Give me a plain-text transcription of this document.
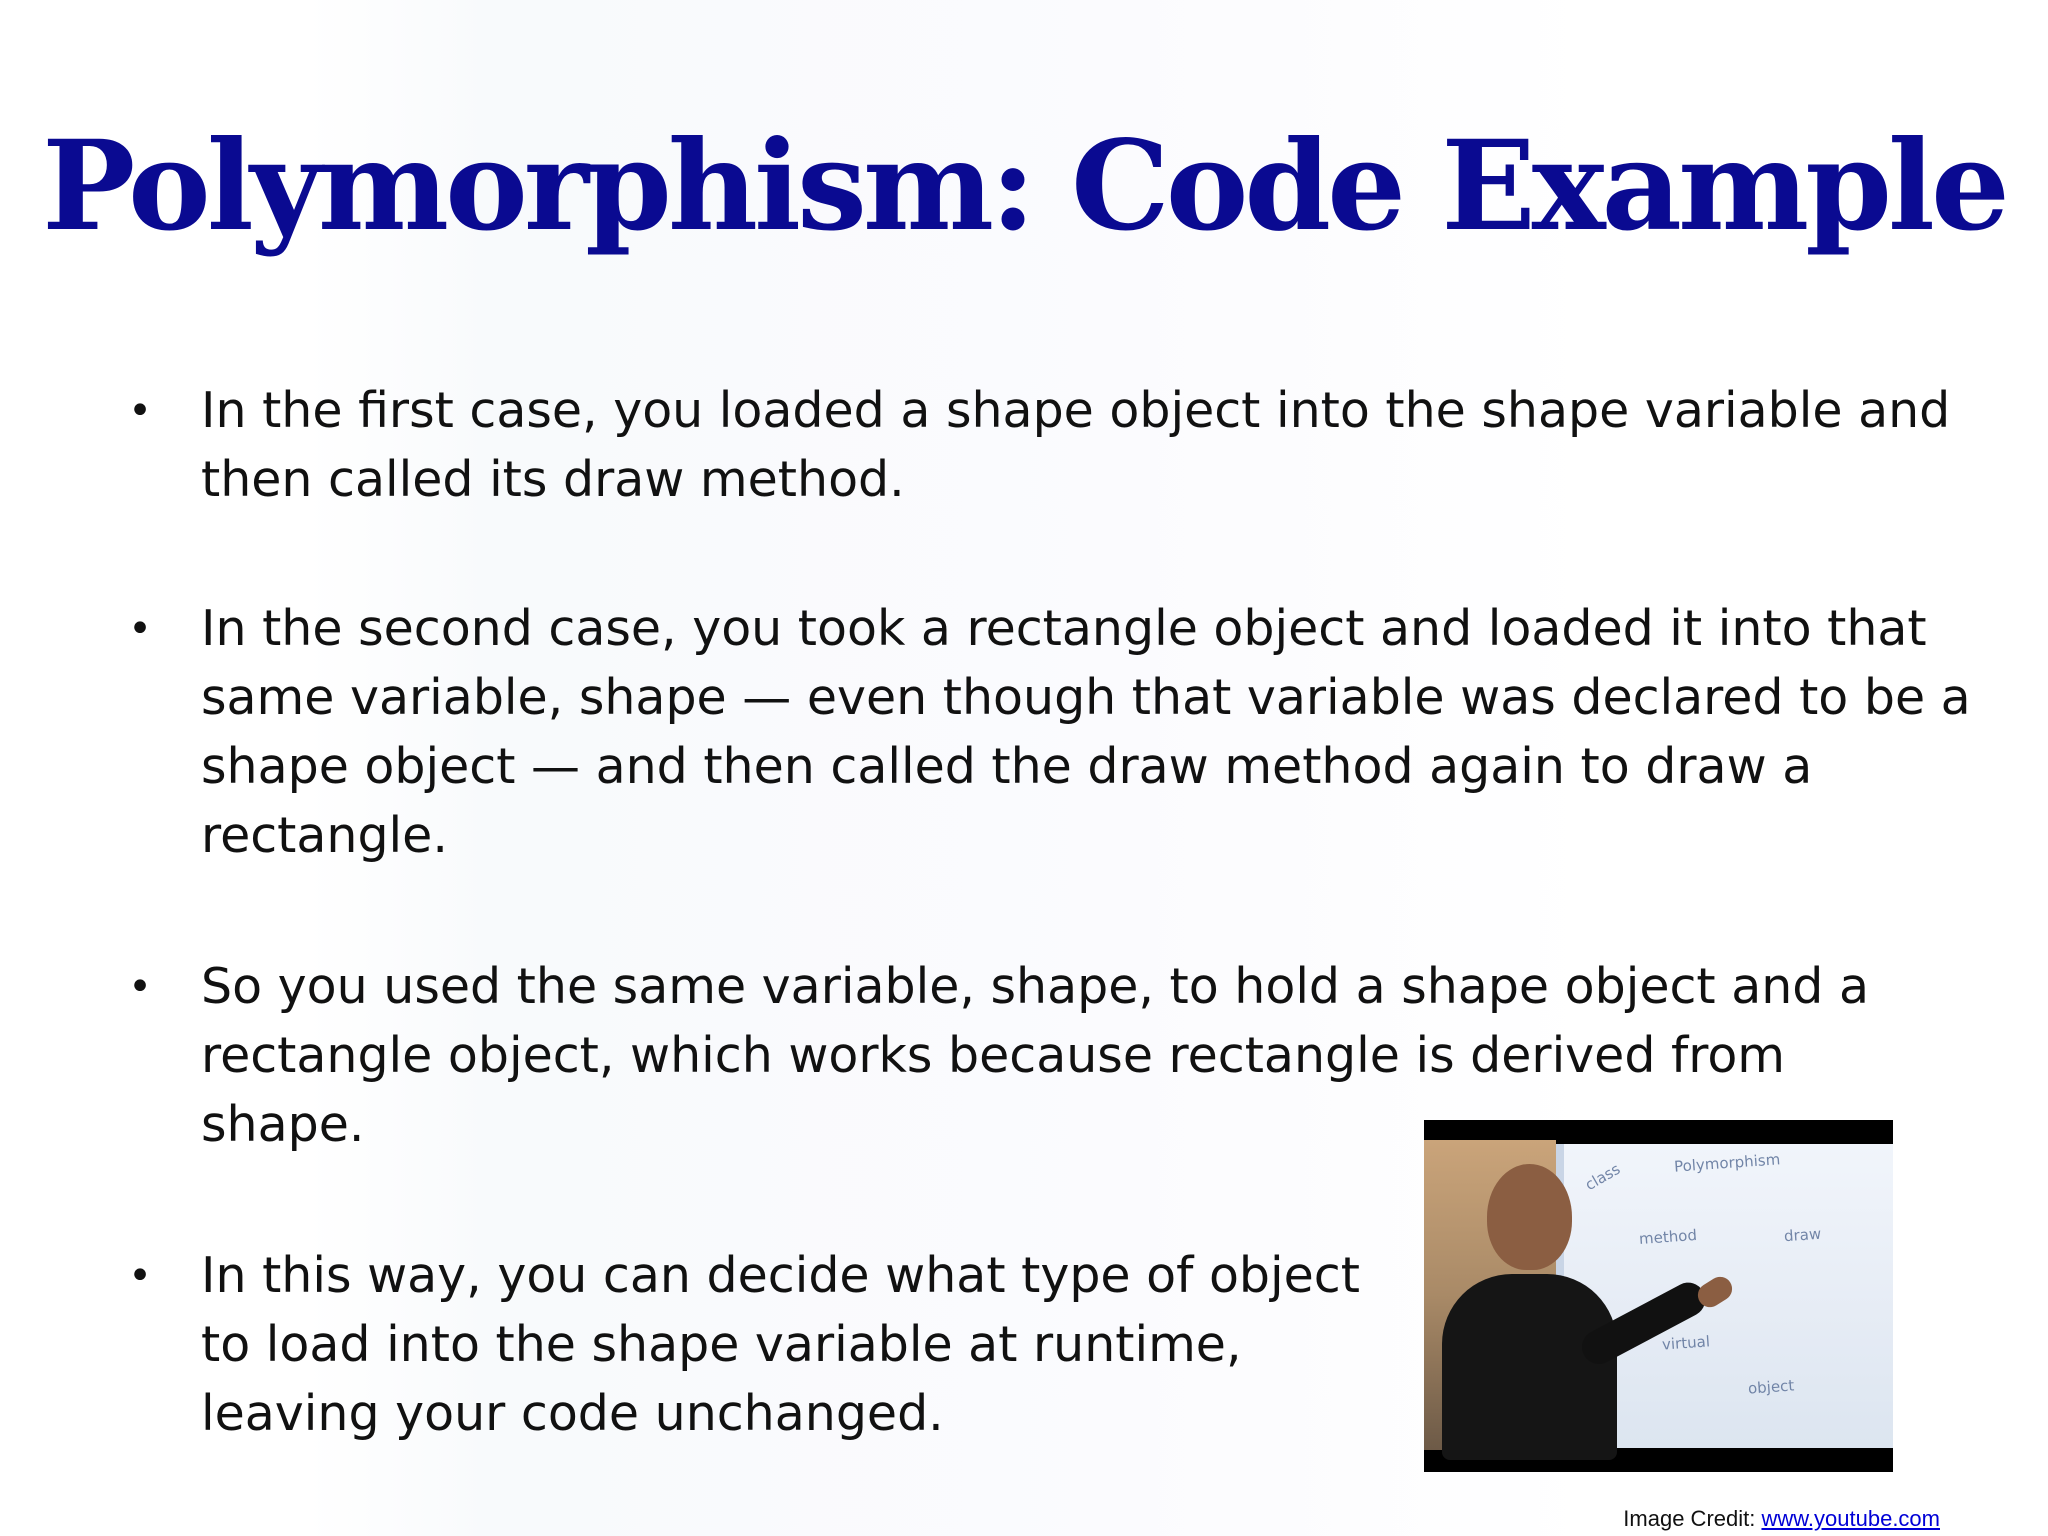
Polymorphism: Code Example
• In the first case, you loaded a shape object into the shape variable and
then called its draw method.

• In the second case, you took a rectangle object and loaded it into that
same variable, shape — even though that variable was declared to be a
shape object — and then called the draw method again to draw a
rectangle.

• So you used the same variable, shape, to hold a shape object and a
rectangle object, which works because rectangle is derived from
shape.

• In this way, you can decide what type of object
to load into the shape variable at runtime,
leaving your code unchanged.

Polymorphism
class
method	draw
virtual
object
Image Credit: www.youtube.com
